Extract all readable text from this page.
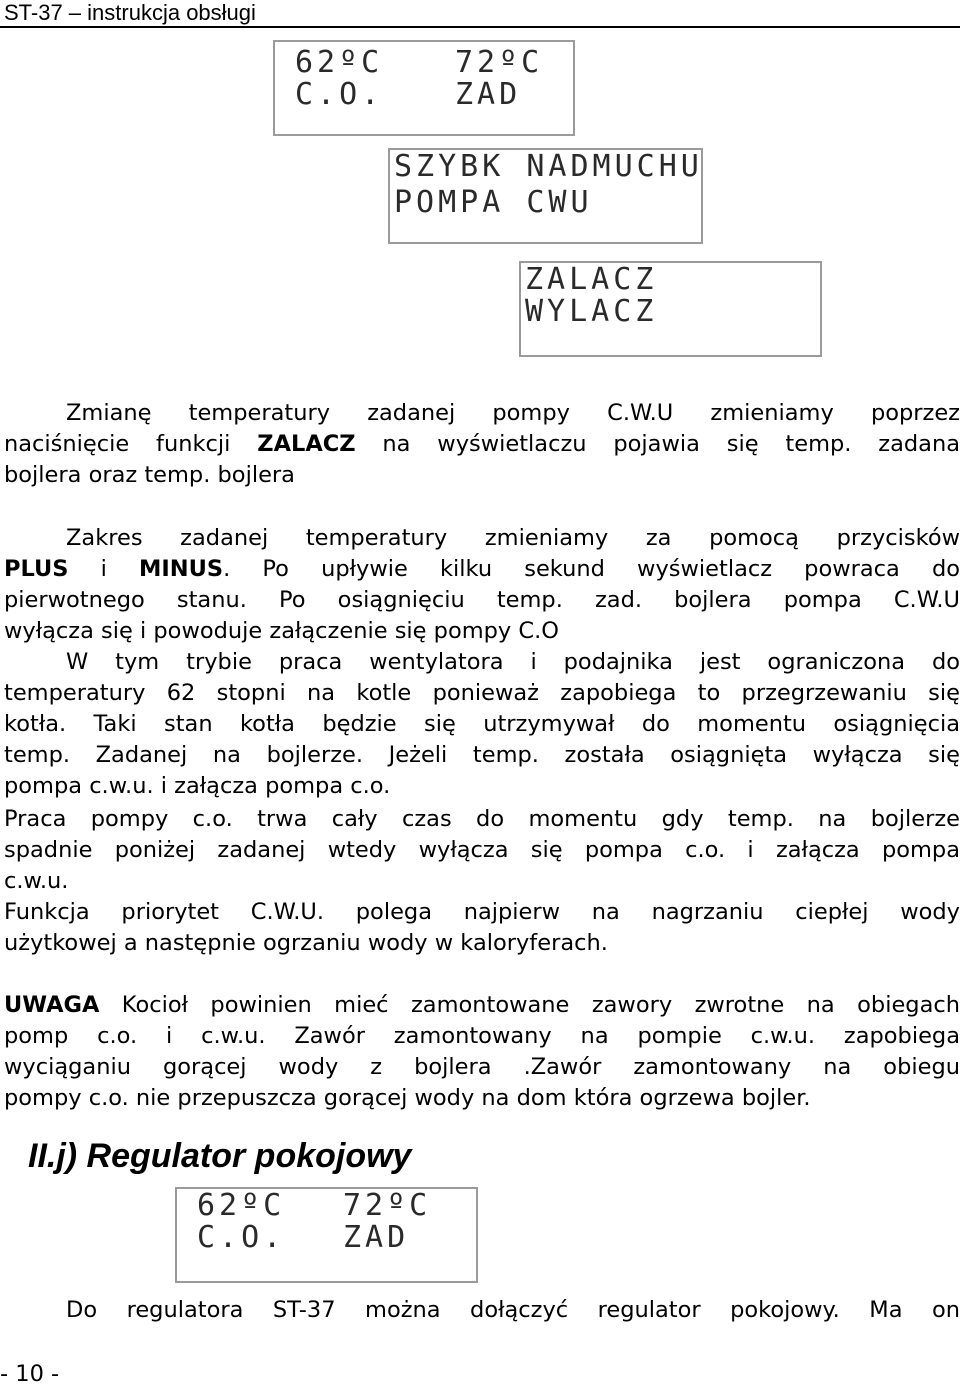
ST-37 – instrukcja obsługi
62ºC 72ºC
C.O. ZAD
SZYBK NADMUCHU
POMPA CWU
ZALACZ
WYLACZ
Zmianę temperatury zadanej pompy C.W.U zmieniamy poprzez
naciśnięcie funkcji ZALACZ na wyświetlaczu pojawia się temp. zadana
bojlera oraz temp. bojlera
Zakres zadanej temperatury zmieniamy za pomocą przycisków
PLUS i MINUS. Po upływie kilku sekund wyświetlacz powraca do
pierwotnego stanu. Po osiągnięciu temp. zad. bojlera pompa C.W.U
wyłącza się i powoduje załączenie się pompy C.O
W tym trybie praca wentylatora i podajnika jest ograniczona do
temperatury 62 stopni na kotle ponieważ zapobiega to przegrzewaniu się
kotła. Taki stan kotła będzie się utrzymywał do momentu osiągnięcia
temp. Zadanej na bojlerze. Jeżeli temp. została osiągnięta wyłącza się
pompa c.w.u. i załącza pompa c.o.
Praca pompy c.o. trwa cały czas do momentu gdy temp. na bojlerze
spadnie poniżej zadanej wtedy wyłącza się pompa c.o. i załącza pompa
c.w.u.
Funkcja priorytet C.W.U. polega najpierw na nagrzaniu ciepłej wody
użytkowej a następnie ogrzaniu wody w kaloryferach.
UWAGA Kocioł powinien mieć zamontowane zawory zwrotne na obiegach
pomp c.o. i c.w.u. Zawór zamontowany na pompie c.w.u. zapobiega
wyciąganiu gorącej wody z bojlera .Zawór zamontowany na obiegu
pompy c.o. nie przepuszcza gorącej wody na dom która ogrzewa bojler.
II.j) Regulator pokojowy
62ºC 72ºC
C.O. ZAD
Do regulatora ST-37 można dołączyć regulator pokojowy. Ma on
- 10 -
